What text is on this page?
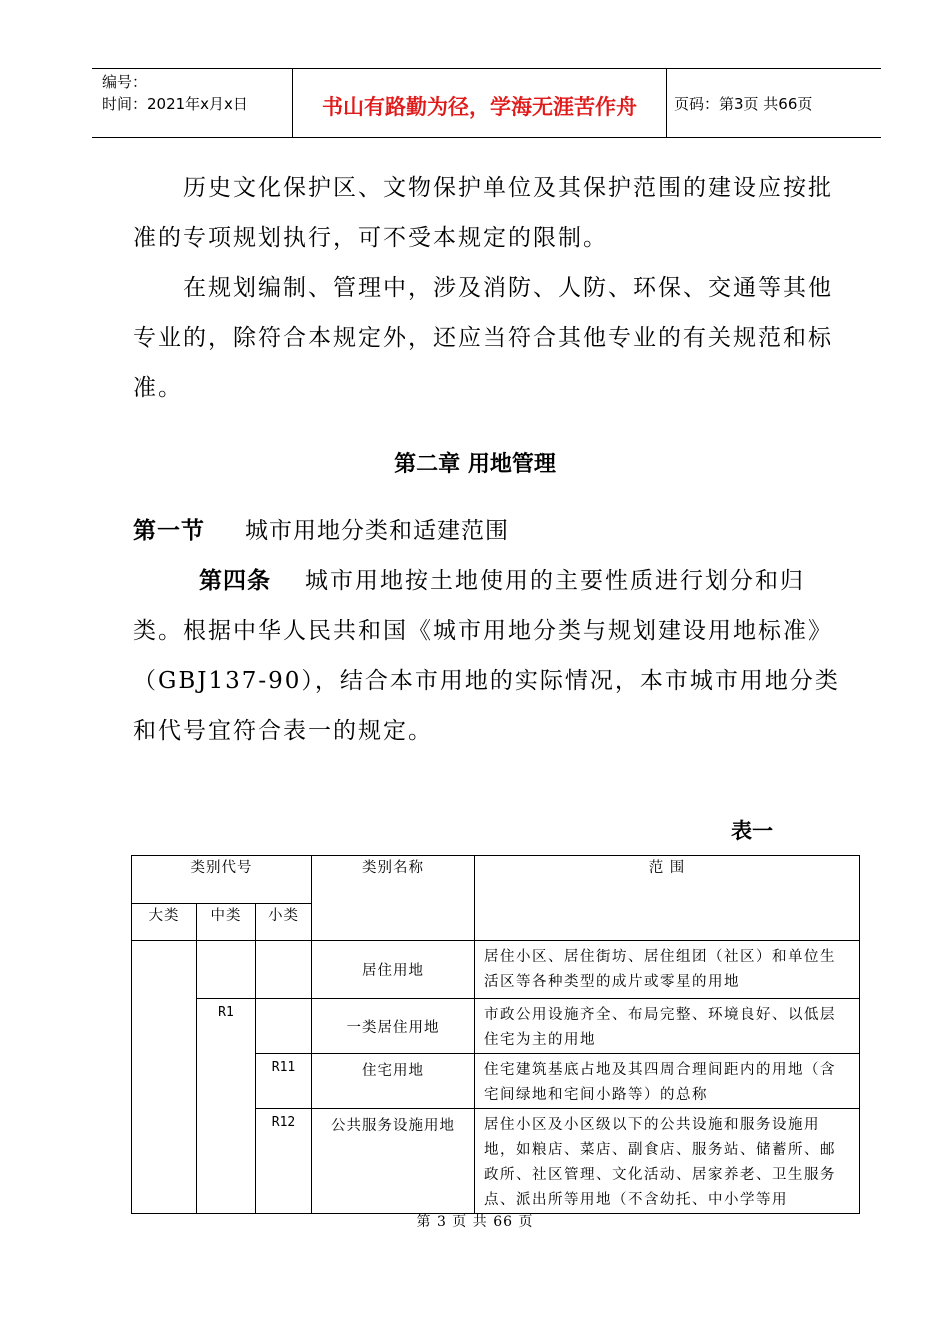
编号：
时间：2021年x月x日	书山有路勤为径，学海无涯苦作舟	页码：第3页 共66页

历史文化保护区、文物保护单位及其保护范围的建设应按批准的专项规划执行，可不受本规定的限制。

在规划编制、管理中，涉及消防、人防、环保、交通等其他专业的，除符合本规定外，还应当符合其他专业的有关规范和标准。

第二章 用地管理
第一节 城市用地分类和适建范围

第四条 城市用地按土地使用的主要性质进行划分和归类。根据中华人民共和国《城市用地分类与规划建设用地标准》（GBJ137-90），结合本市用地的实际情况，本市城市用地分类和代号宜符合表一的规定。

表一
类别代号			类别名称	范 围
大类	中类	小类		
			居住用地	居住小区、居住街坊、居住组团（社区）和单位生活区等各种类型的成片或零星的用地
	R1		一类居住用地	市政公用设施齐全、布局完整、环境良好、以低层住宅为主的用地
		R11	住宅用地	住宅建筑基底占地及其四周合理间距内的用地（含宅间绿地和宅间小路等）的总称
		R12	公共服务设施用地	居住小区及小区级以下的公共设施和服务设施用地，如粮店、菜店、副食店、服务站、储蓄所、邮政所、社区管理、文化活动、居家养老、卫生服务点、派出所等用地（不含幼托、中小学等用
第 3 页 共 66 页
